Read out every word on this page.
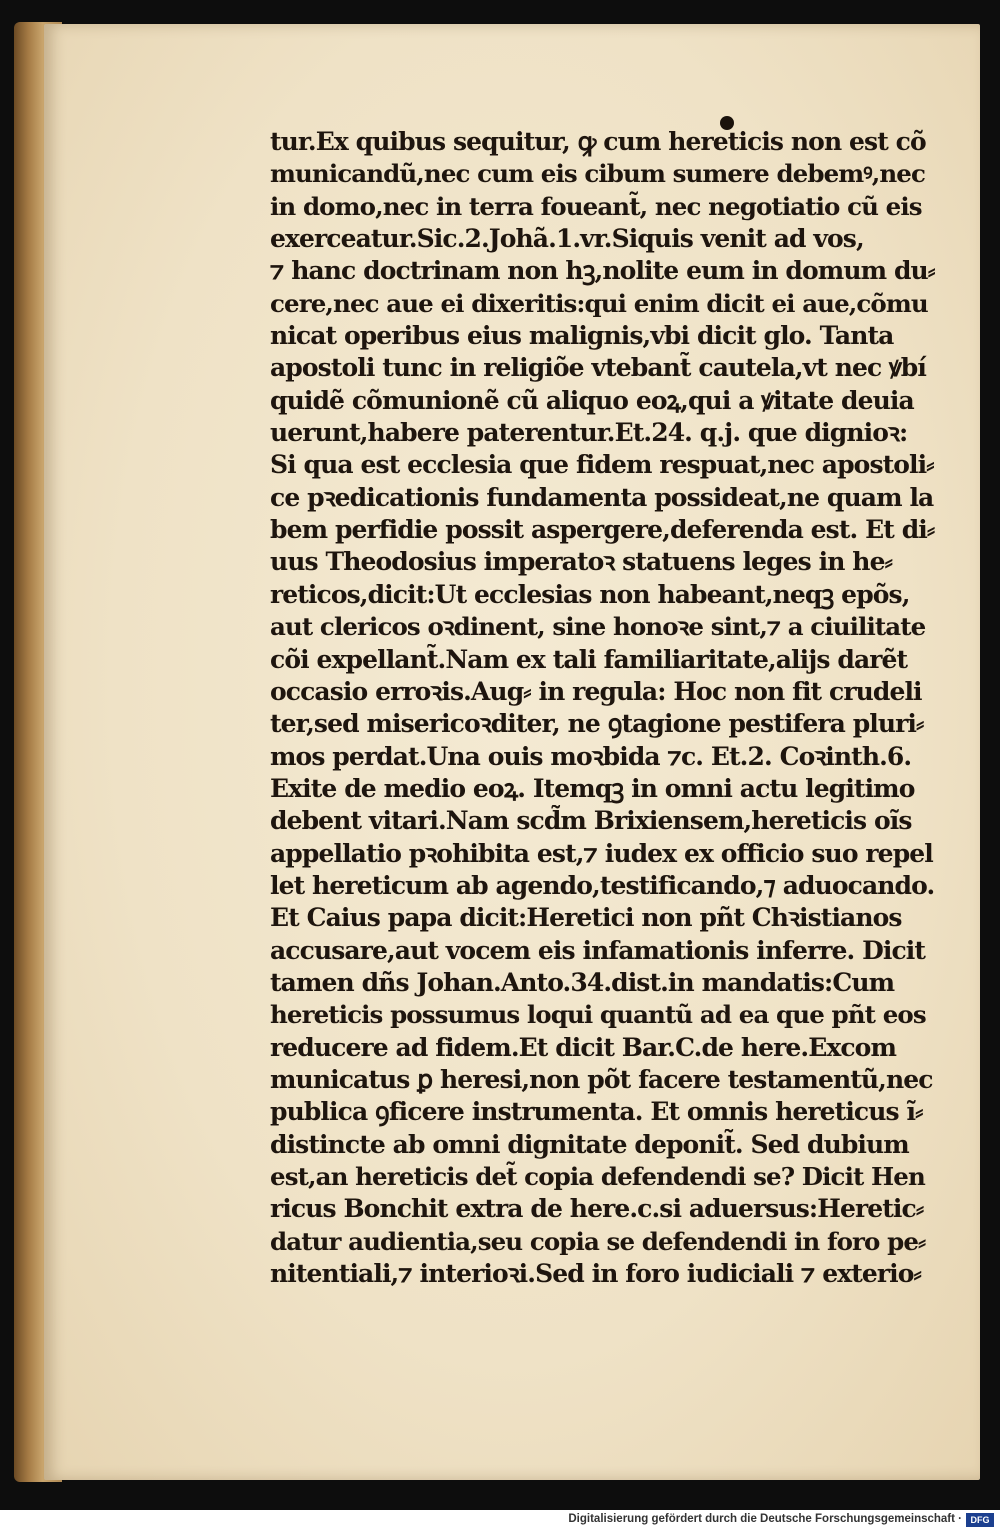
tur.Ex quibus sequitur, ꝙ cum hereticis non est cõ
municandũ,nec cum eis cibum sumere debemꝰ,nec
in domo,nec in terra foueant̃, nec negotiatio cũ eis
exerceatur.Sic.2.Johã.1.vr.Siquis venit ad vos,
⁊ hanc doctrinam non hꝫ,nolite eum in domum du⸗
cere,nec aue ei dixeritis:qui enim dicit ei aue,cõmu
nicat operibus eius malignis,vbi dicit glo. Tanta
apostoli tunc in religiõe vtebant̃ cautela,vt nec ꝟbí
quidẽ cõmunionẽ cũ aliquo eoꝝ,qui a ꝟitate deuia
uerunt,habere paterentur.Et.24. q.j. que dignioꝛ:
Si qua est ecclesia que fidem respuat,nec apostoli⸗
ce pꝛedicationis fundamenta possideat,ne quam la
bem perfidie possit aspergere,deferenda est. Et di⸗
uus Theodosius imperatoꝛ statuens leges in he⸗
reticos,dicit:Ut ecclesias non habeant,neqꝫ epõs,
aut clericos oꝛdinent, sine honoꝛe sint,⁊ a ciuilitate
cõi expellant̃.Nam ex tali familiaritate,alijs darẽt
occasio erroꝛis.Aug⸗ in regula: Hoc non fit crudeli
ter,sed misericoꝛditer, ne ꝯtagione pestifera pluri⸗
mos perdat.Una ouis moꝛbida ⁊c. Et.2. Coꝛinth.6.
Exite de medio eoꝝ. Itemqꝫ in omni actu legitimo
debent vitari.Nam scd̃m Brixiensem,hereticis oĩs
appellatio pꝛohibita est,⁊ iudex ex officio suo repel
let hereticum ab agendo,testificando,⁊ aduocando.
Et Caius papa dicit:Heretici non pñt Chꝛistianos
accusare,aut vocem eis infamationis inferre. Dicit
tamen dñs Johan.Anto.34.dist.in mandatis:Cum
hereticis possumus loqui quantũ ad ea que pñt eos
reducere ad fidem.Et dicit Bar.C.de here.Excom
municatus ꝑ heresi,non põt facere testamentũ,nec
publica ꝯficere instrumenta. Et omnis hereticus ĩ⸗
distincte ab omni dignitate deponit̃. Sed dubium
est,an hereticis det̃ copia defendendi se? Dicit Hen
ricus Bonchit extra de here.c.si aduersus:Heretic⸗
datur audientia,seu copia se defendendi in foro pe⸗
nitentiali,⁊ interioꝛi.Sed in foro iudiciali ⁊ exterio⸗
Digitalisierung gefördert durch die Deutsche Forschungsgemeinschaft · DFG
